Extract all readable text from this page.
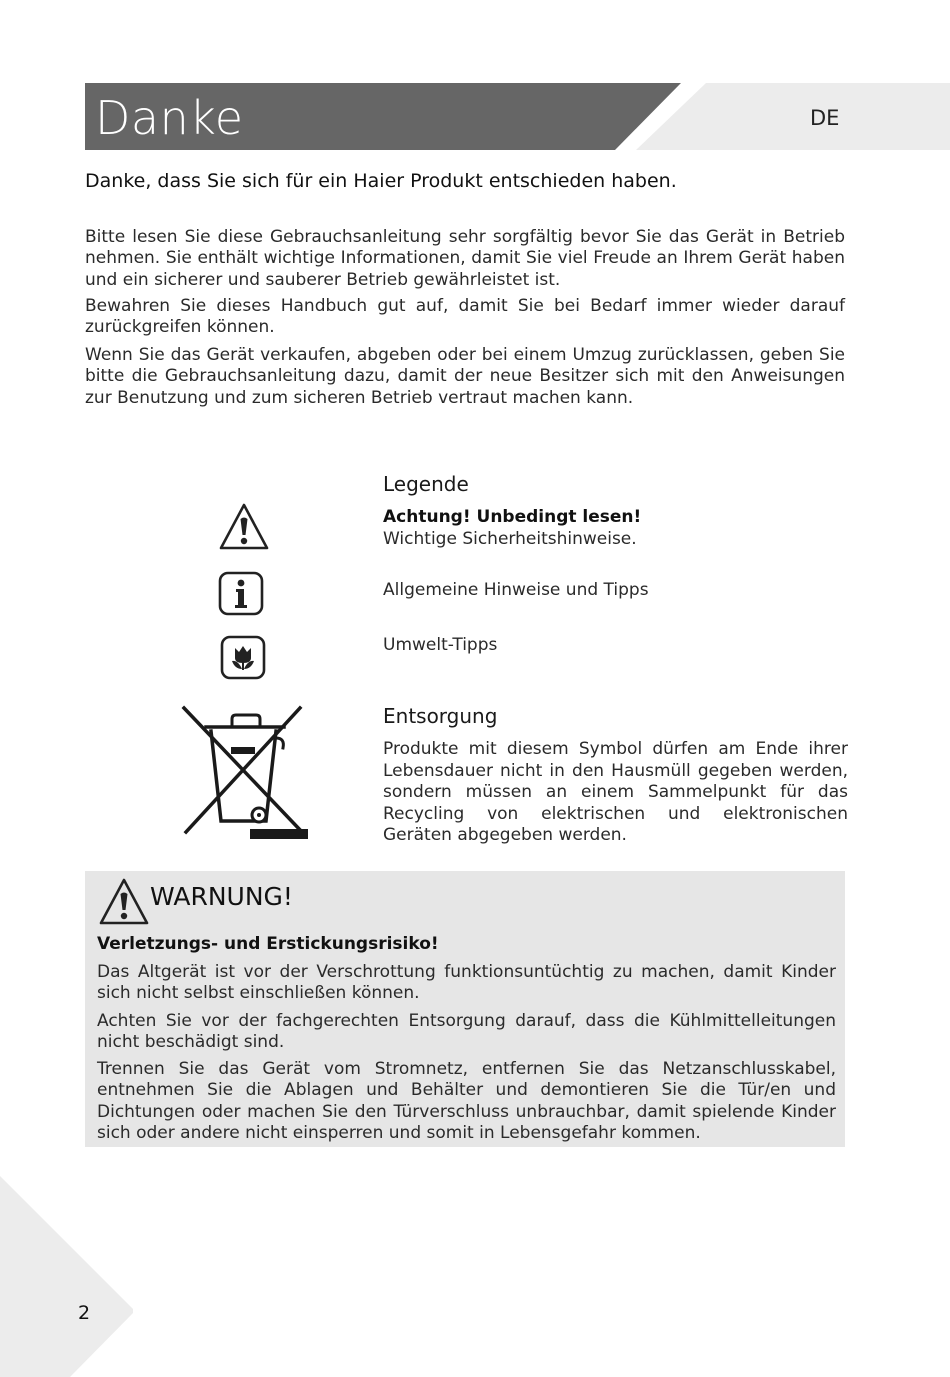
Danke	DE
Danke, dass Sie sich für ein Haier Produkt entschieden haben.

Bitte lesen Sie diese Gebrauchsanleitung sehr sorgfältig bevor Sie das Gerät in Betrieb nehmen. Sie enthält wichtige Informationen, damit Sie viel Freude an Ihrem Gerät haben und ein sicherer und sauberer Betrieb gewährleistet ist.

Bewahren Sie dieses Handbuch gut auf, damit Sie bei Bedarf immer wieder darauf zurückgreifen können.

Wenn Sie das Gerät verkaufen, abgeben oder bei einem Umzug zurücklassen, geben Sie bitte die Gebrauchsanleitung dazu, damit der neue Besitzer sich mit den Anweisungen zur Benutzung und zum sicheren Betrieb vertraut machen kann.

Legende
Achtung! Unbedingt lesen!
Wichtige Sicherheitshinweise.
Allgemeine Hinweise und Tipps
Umwelt-Tipps
Entsorgung

Produkte mit diesem Symbol dürfen am Ende ihrer Lebensdauer nicht in den Hausmüll gegeben werden, sondern müssen an einem Sammelpunkt für das Recycling von elektrischen und elektronischen Geräten abgegeben werden.

WARNUNG!
Verletzungs- und Erstickungsrisiko!

Das Altgerät ist vor der Verschrottung funktionsuntüchtig zu machen, damit Kinder sich nicht selbst einschließen können.

Achten Sie vor der fachgerechten Entsorgung darauf, dass die Kühlmittelleitungen nicht beschädigt sind.

Trennen Sie das Gerät vom Stromnetz, entfernen Sie das Netzanschlusskabel, entnehmen Sie die Ablagen und Behälter und demontieren Sie die Tür/en und Dichtungen oder machen Sie den Türverschluss unbrauchbar, damit spielende Kinder sich oder andere nicht einsperren und somit in Lebensgefahr kommen.

2
